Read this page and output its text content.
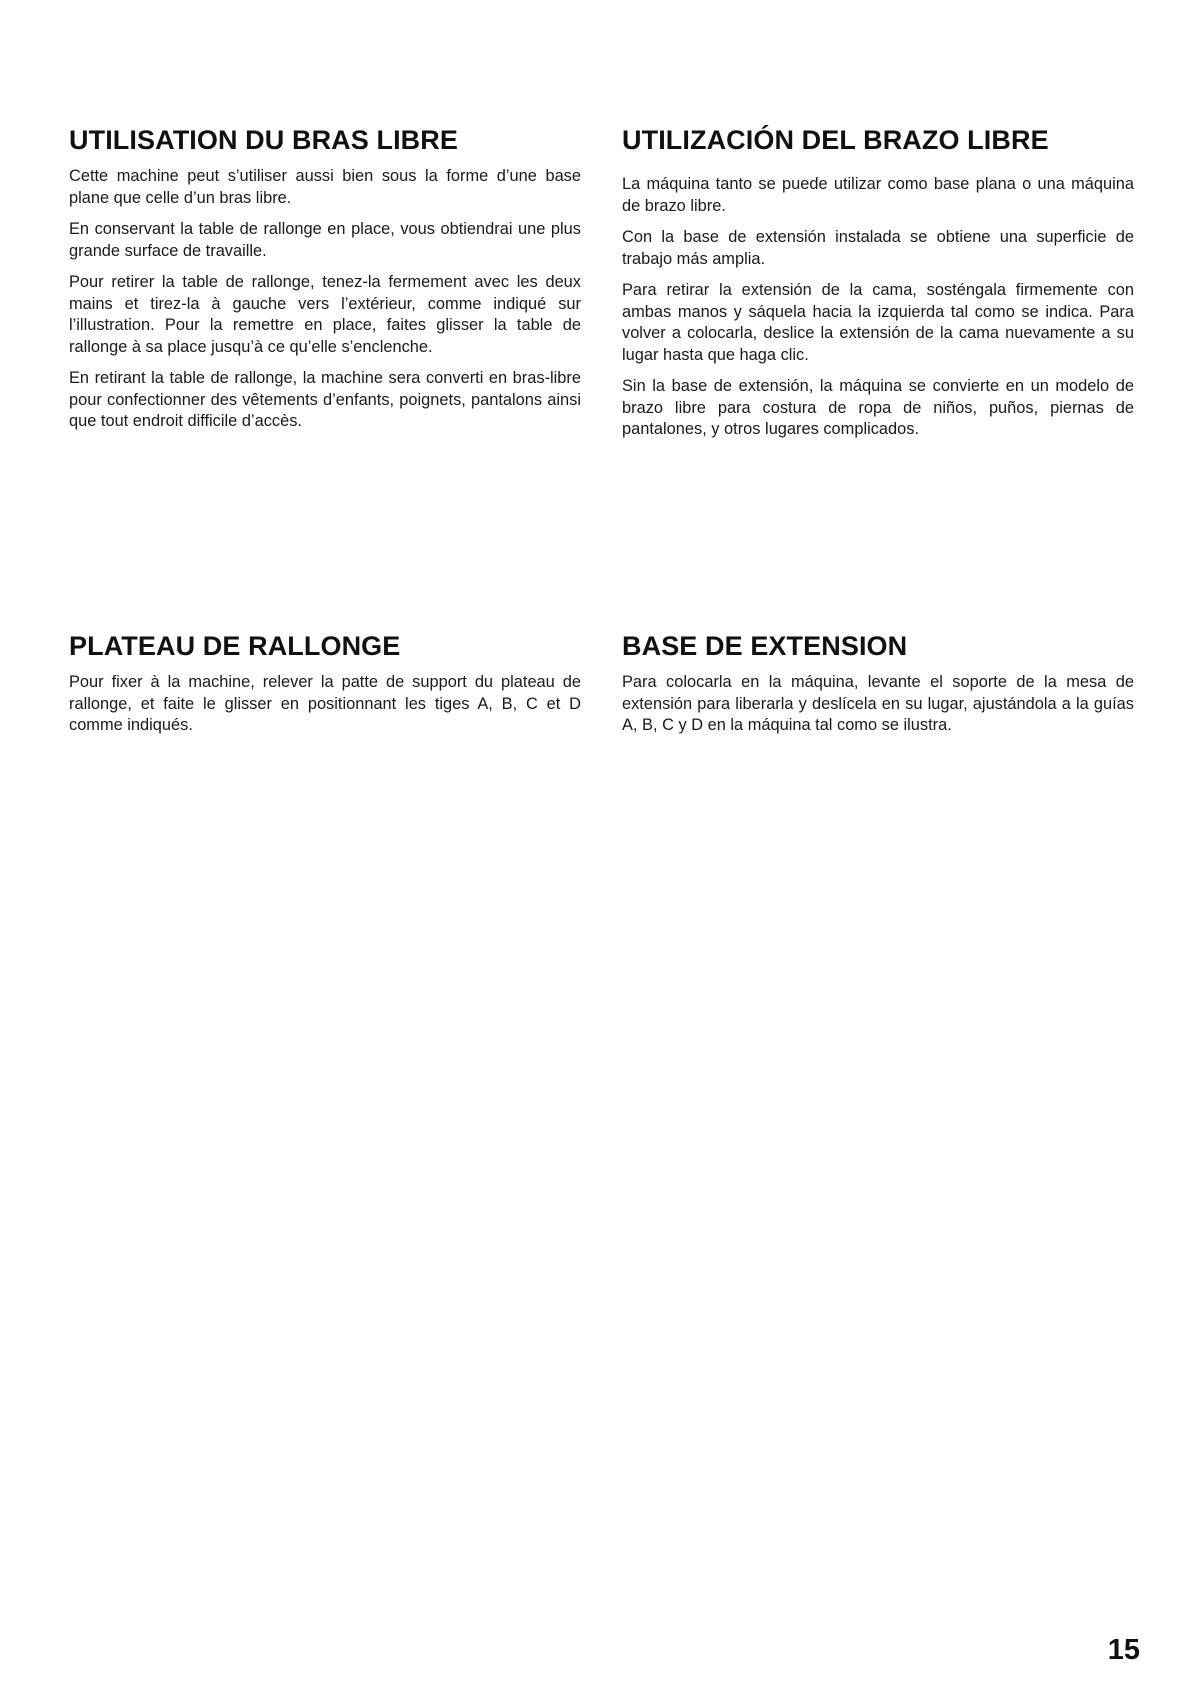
UTILISATION DU BRAS LIBRE

Cette machine peut s’utiliser aussi bien sous la forme d’une base plane que celle d’un bras libre.

En conservant la table de rallonge en place, vous obtiendrai une plus grande surface de travaille.

Pour retirer la table de rallonge, tenez-la fermement avec les deux mains et tirez-la à gauche vers l’extérieur, comme indiqué sur l’illustration. Pour la remettre en place, faites glisser la table de rallonge à sa place jusqu’à ce qu’elle s’enclenche.

En retirant la table de rallonge, la machine sera converti en bras-libre pour confectionner des vêtements d’enfants, poignets, pantalons ainsi que tout endroit difficile d’accès.

UTILIZACIÓN DEL BRAZO LIBRE

La máquina tanto se puede utilizar como base plana o una máquina de brazo libre.

Con la base de extensión instalada se obtiene una superficie de trabajo más amplia.

Para retirar la extensión de la cama, sosténgala firmemente con ambas manos y sáquela hacia la izquierda tal como se indica. Para volver a colocarla, deslice la extensión de la cama nuevamente a su lugar hasta que haga clic.

Sin la base de extensión, la máquina se convierte en un modelo de brazo libre para costura de ropa de niños, puños, piernas de pantalones, y otros lugares complicados.

PLATEAU DE RALLONGE

Pour fixer à la machine, relever la patte de support du plateau de rallonge, et faite le glisser en positionnant les tiges A, B, C et D comme indiqués.

BASE DE EXTENSION

Para colocarla en la máquina, levante el soporte de la mesa de extensión para liberarla y deslícela en su lugar, ajustándola a la guías A, B, C y D en la máquina tal como se ilustra.

15
